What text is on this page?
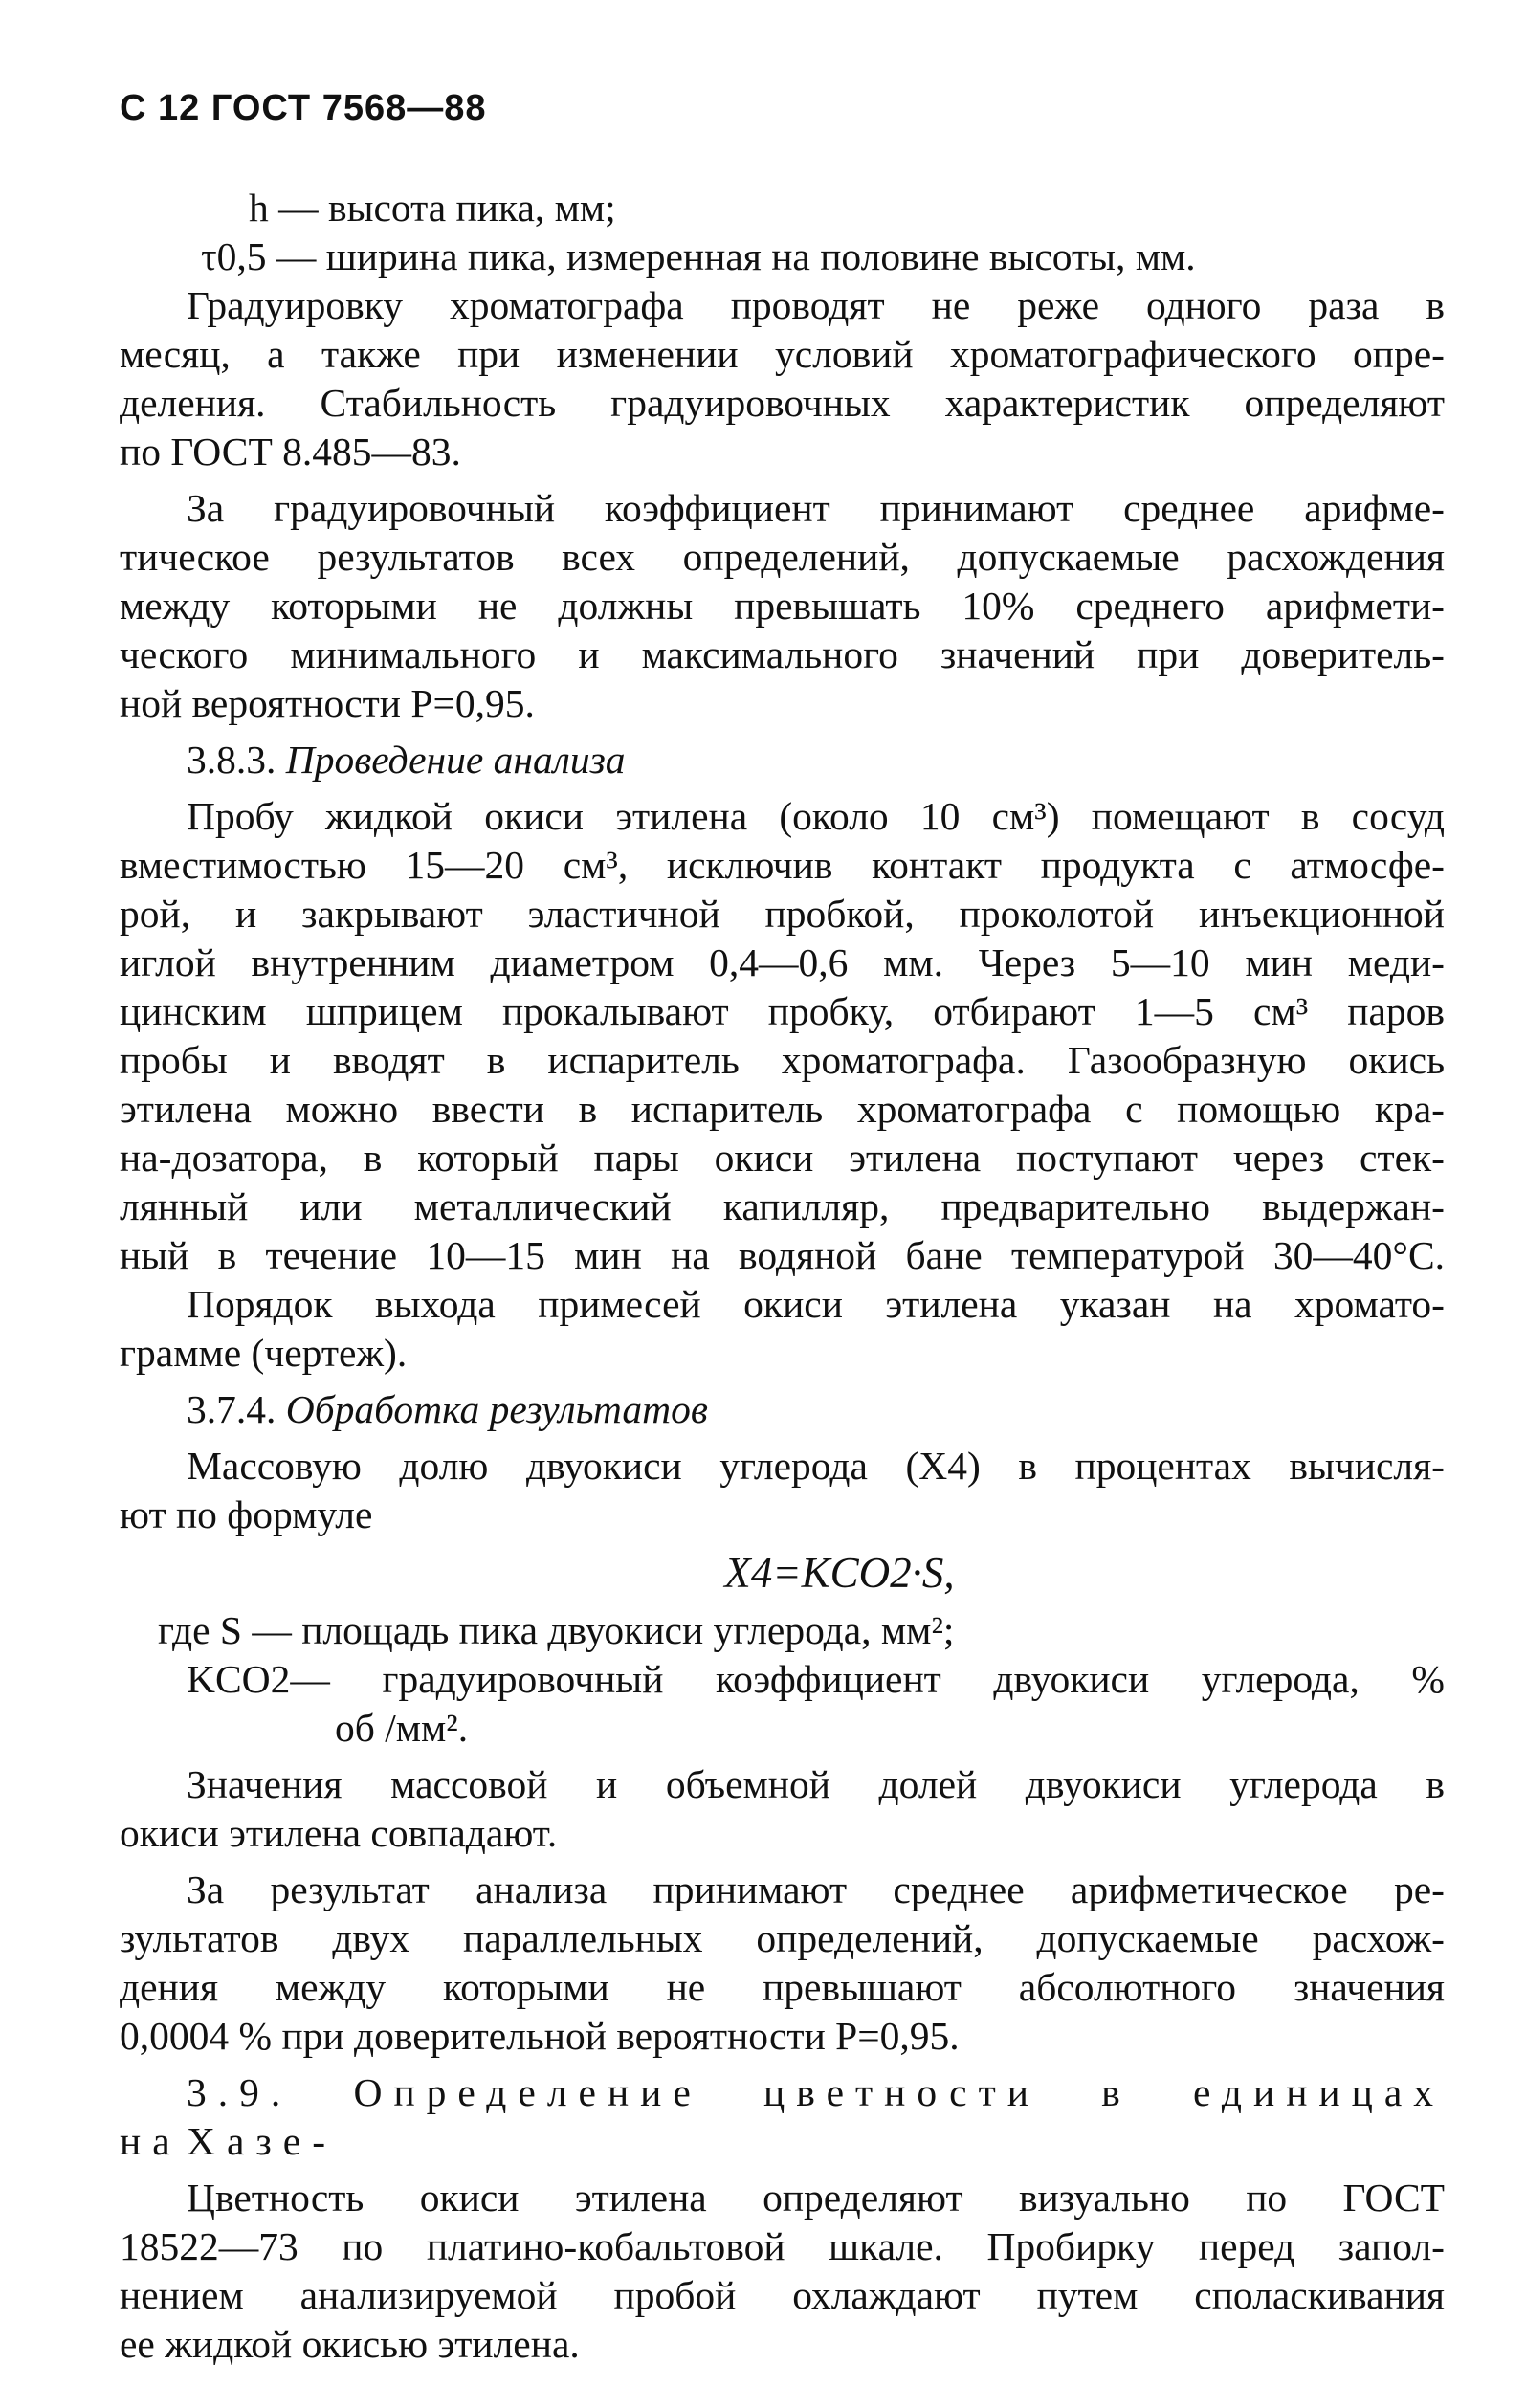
С 12 ГОСТ 7568—88
h — высота пика, мм;
τ0,5 — ширина пика, измеренная на половине высоты, мм.
Градуировку хроматографа проводят не реже одного раза в
месяц, а также при изменении условий хроматографического опре-
деления. Стабильность градуировочных характеристик определяют
по ГОСТ 8.485—83.
За градуировочный коэффициент принимают среднее арифме-
тическое результатов всех определений, допускаемые расхождения
между которыми не должны превышать 10% среднего арифмети-
ческого минимального и максимального значений при доверитель-
ной вероятности P=0,95.
3.8.3. Проведение анализа
Пробу жидкой окиси этилена (около 10 см³) помещают в сосуд
вместимостью 15—20 см³, исключив контакт продукта с атмосфе-
рой, и закрывают эластичной пробкой, проколотой инъекционной
иглой внутренним диаметром 0,4—0,6 мм. Через 5—10 мин меди-
цинским шприцем прокалывают пробку, отбирают 1—5 см³ паров
пробы и вводят в испаритель хроматографа. Газообразную окись
этилена можно ввести в испаритель хроматографа с помощью кра-
на-дозатора, в который пары окиси этилена поступают через стек-
лянный или металлический капилляр, предварительно выдержан-
ный в течение 10—15 мин на водяной бане температурой 30—40°С.
Порядок выхода примесей окиси этилена указан на хромато-
грамме (чертеж).
3.7.4. Обработка результатов
Массовую долю двуокиси углерода (X4) в процентах вычисля-
ют по формуле
X4=KCO2·S,
где S — площадь пика двуокиси углерода, мм²;
KCO2— градуировочный коэффициент двуокиси углерода, %
об /мм².
Значения массовой и объемной долей двуокиси углерода в
окиси этилена совпадают.
За результат анализа принимают среднее арифметическое ре-
зультатов двух параллельных определений, допускаемые расхож-
дения между которыми не превышают абсолютного значения
0,0004 % при доверительной вероятности P=0,95.
3.9. Определение цветности в единицах Хазе-
на
Цветность окиси этилена определяют визуально по ГОСТ
18522—73 по платино-кобальтовой шкале. Пробирку перед запол-
нением анализируемой пробой охлаждают путем споласкивания
ее жидкой окисью этилена.
